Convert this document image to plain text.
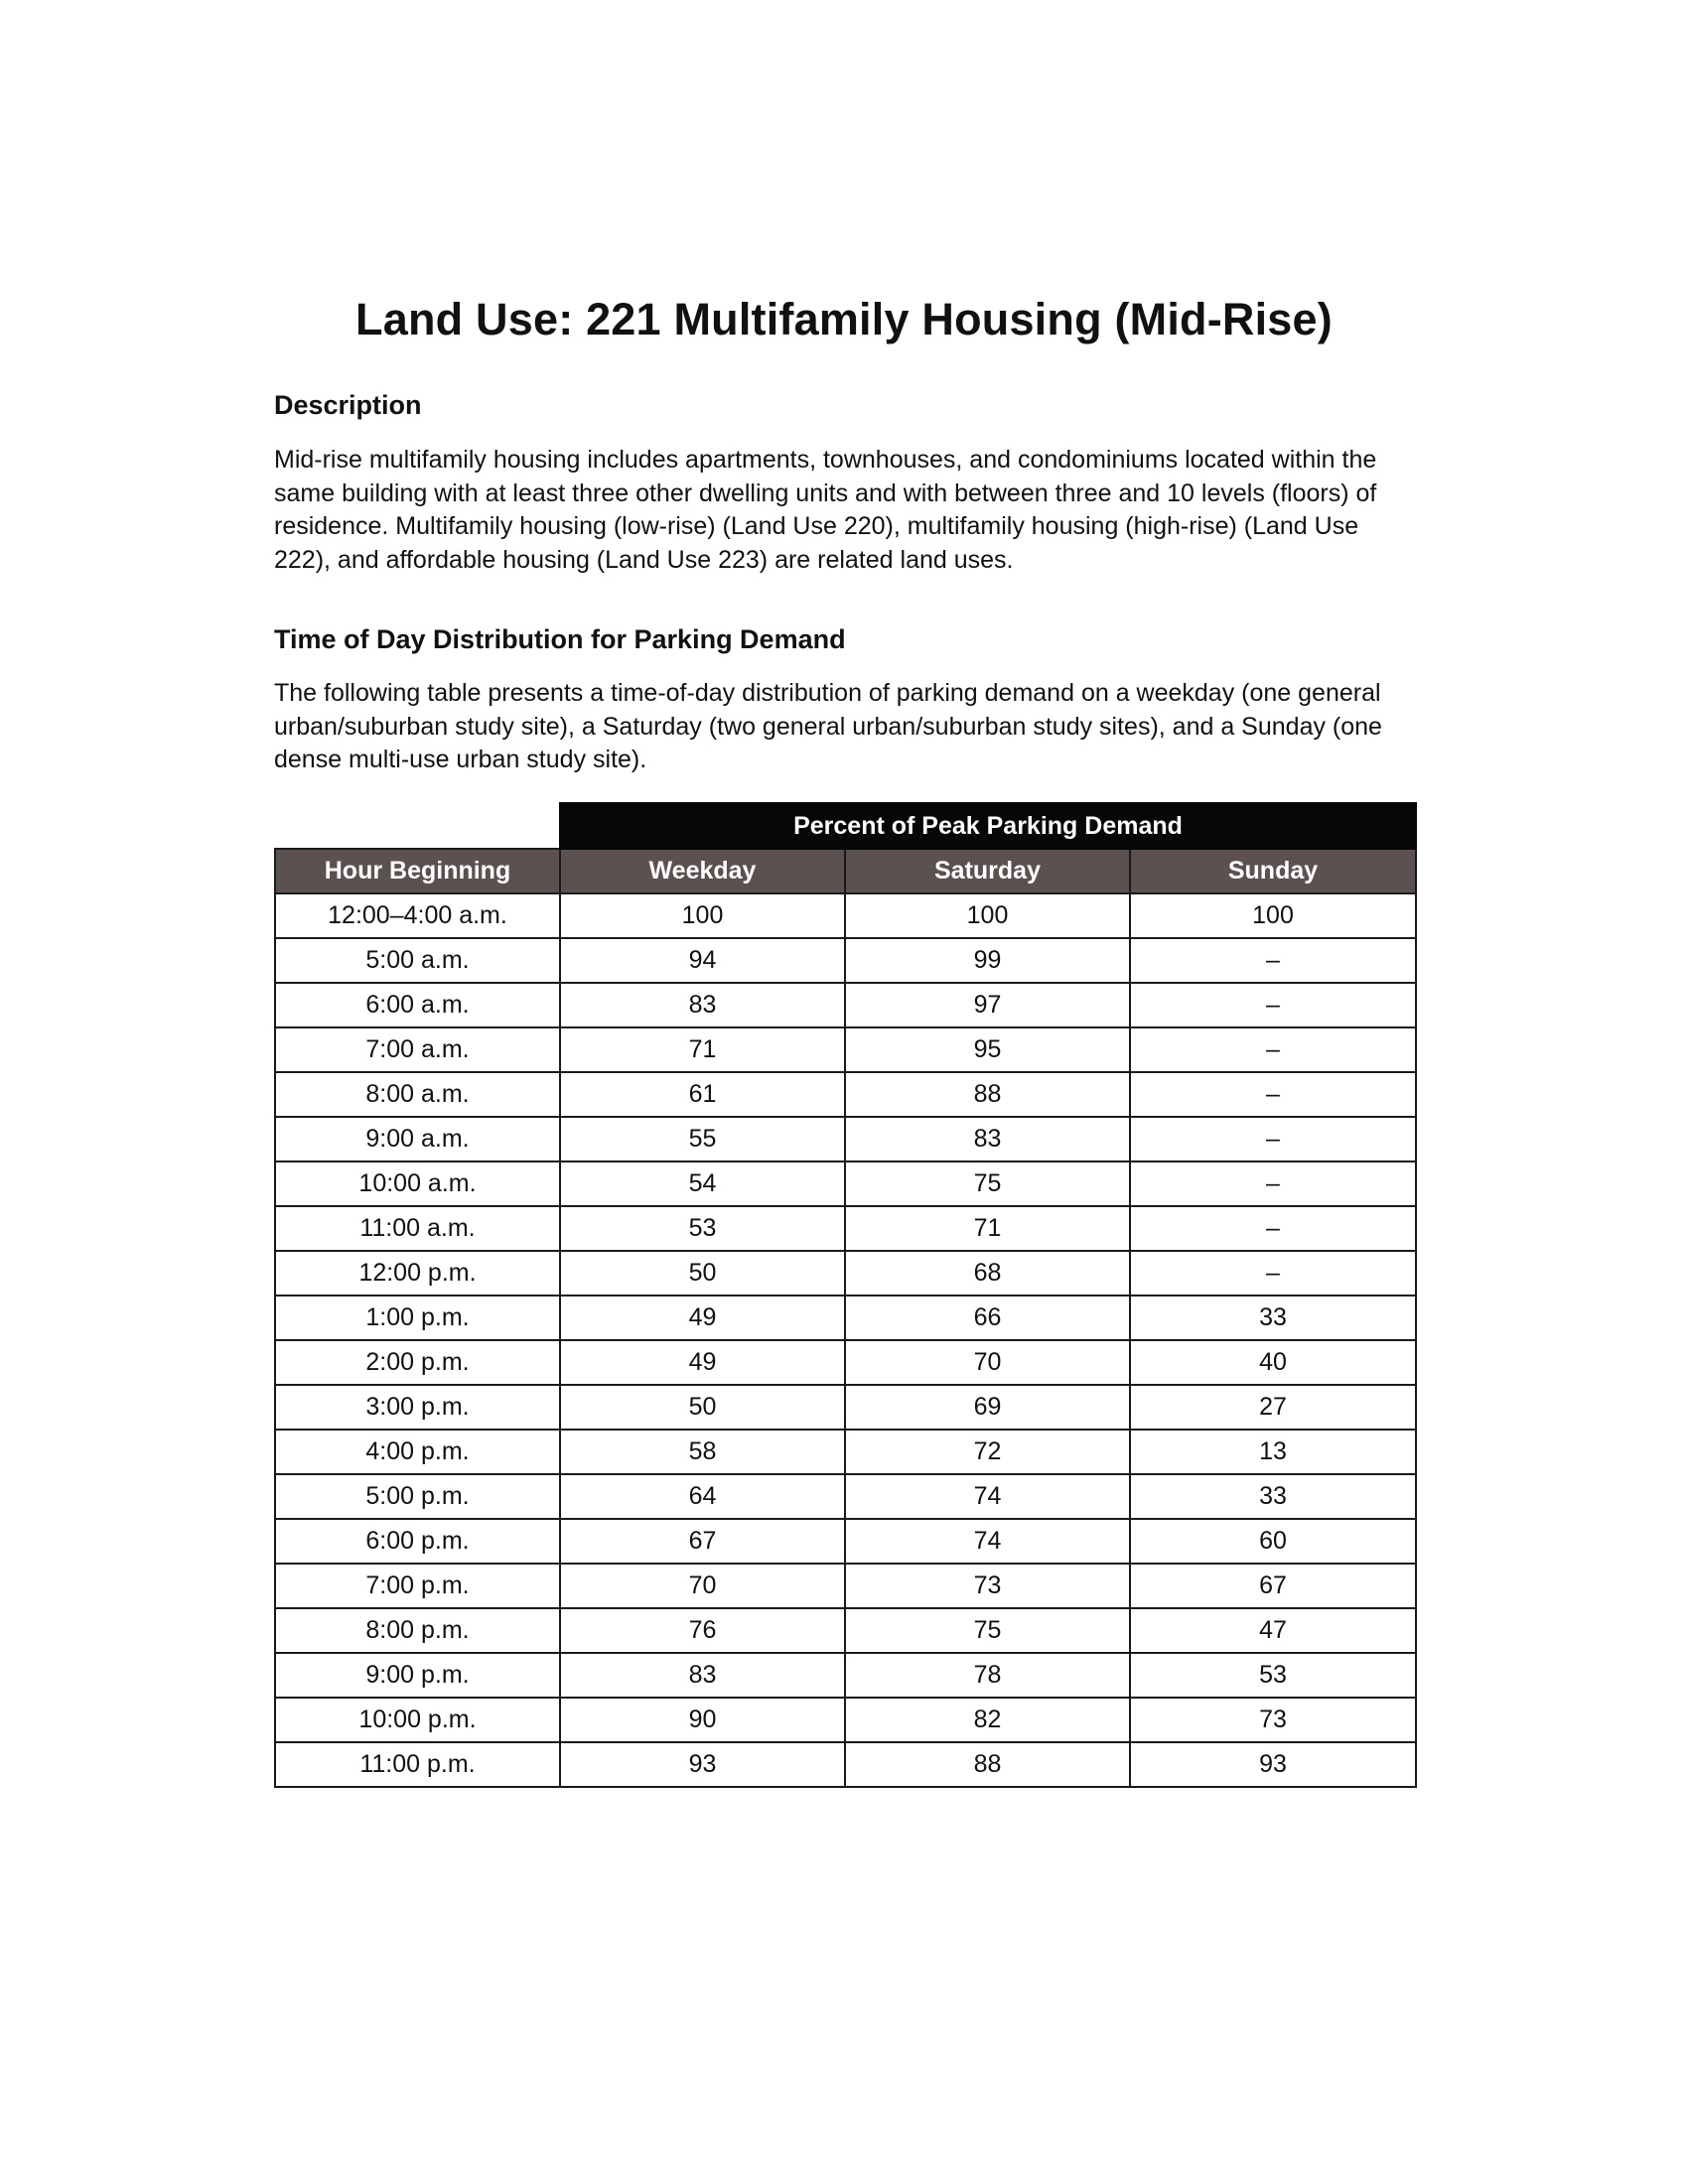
Land Use: 221 Multifamily Housing (Mid-Rise)
Description
Mid-rise multifamily housing includes apartments, townhouses, and condominiums located within the
same building with at least three other dwelling units and with between three and 10 levels (floors) of
residence. Multifamily housing (low-rise) (Land Use 220), multifamily housing (high-rise) (Land Use
222), and affordable housing (Land Use 223) are related land uses.
Time of Day Distribution for Parking Demand
The following table presents a time-of-day distribution of parking demand on a weekday (one general
urban/suburban study site), a Saturday (two general urban/suburban study sites), and a Sunday (one
dense multi-use urban study site).
	Percent of Peak Parking Demand		
Hour Beginning	Weekday	Saturday	Sunday
12:00–4:00 a.m.	100	100	100
5:00 a.m.	94	99	–
6:00 a.m.	83	97	–
7:00 a.m.	71	95	–
8:00 a.m.	61	88	–
9:00 a.m.	55	83	–
10:00 a.m.	54	75	–
11:00 a.m.	53	71	–
12:00 p.m.	50	68	–
1:00 p.m.	49	66	33
2:00 p.m.	49	70	40
3:00 p.m.	50	69	27
4:00 p.m.	58	72	13
5:00 p.m.	64	74	33
6:00 p.m.	67	74	60
7:00 p.m.	70	73	67
8:00 p.m.	76	75	47
9:00 p.m.	83	78	53
10:00 p.m.	90	82	73
11:00 p.m.	93	88	93
